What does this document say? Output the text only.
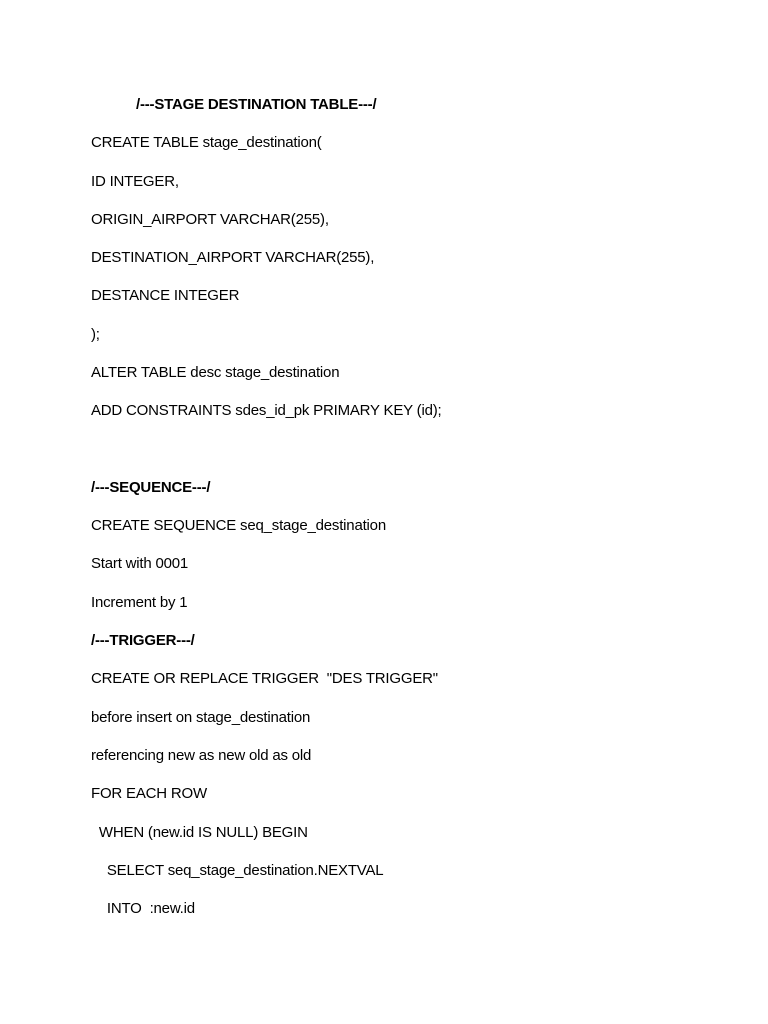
/---STAGE DESTINATION TABLE---/
CREATE TABLE stage_destination(
ID INTEGER,
ORIGIN_AIRPORT VARCHAR(255),
DESTINATION_AIRPORT VARCHAR(255),
DESTANCE INTEGER
);
ALTER TABLE desc stage_destination
ADD CONSTRAINTS sdes_id_pk PRIMARY KEY (id);
/---SEQUENCE---/
CREATE SEQUENCE seq_stage_destination
Start with 0001
Increment by 1
/---TRIGGER---/
CREATE OR REPLACE TRIGGER  "DES TRIGGER"
before insert on stage_destination
referencing new as new old as old
FOR EACH ROW
WHEN (new.id IS NULL) BEGIN
SELECT seq_stage_destination.NEXTVAL
INTO  :new.id
